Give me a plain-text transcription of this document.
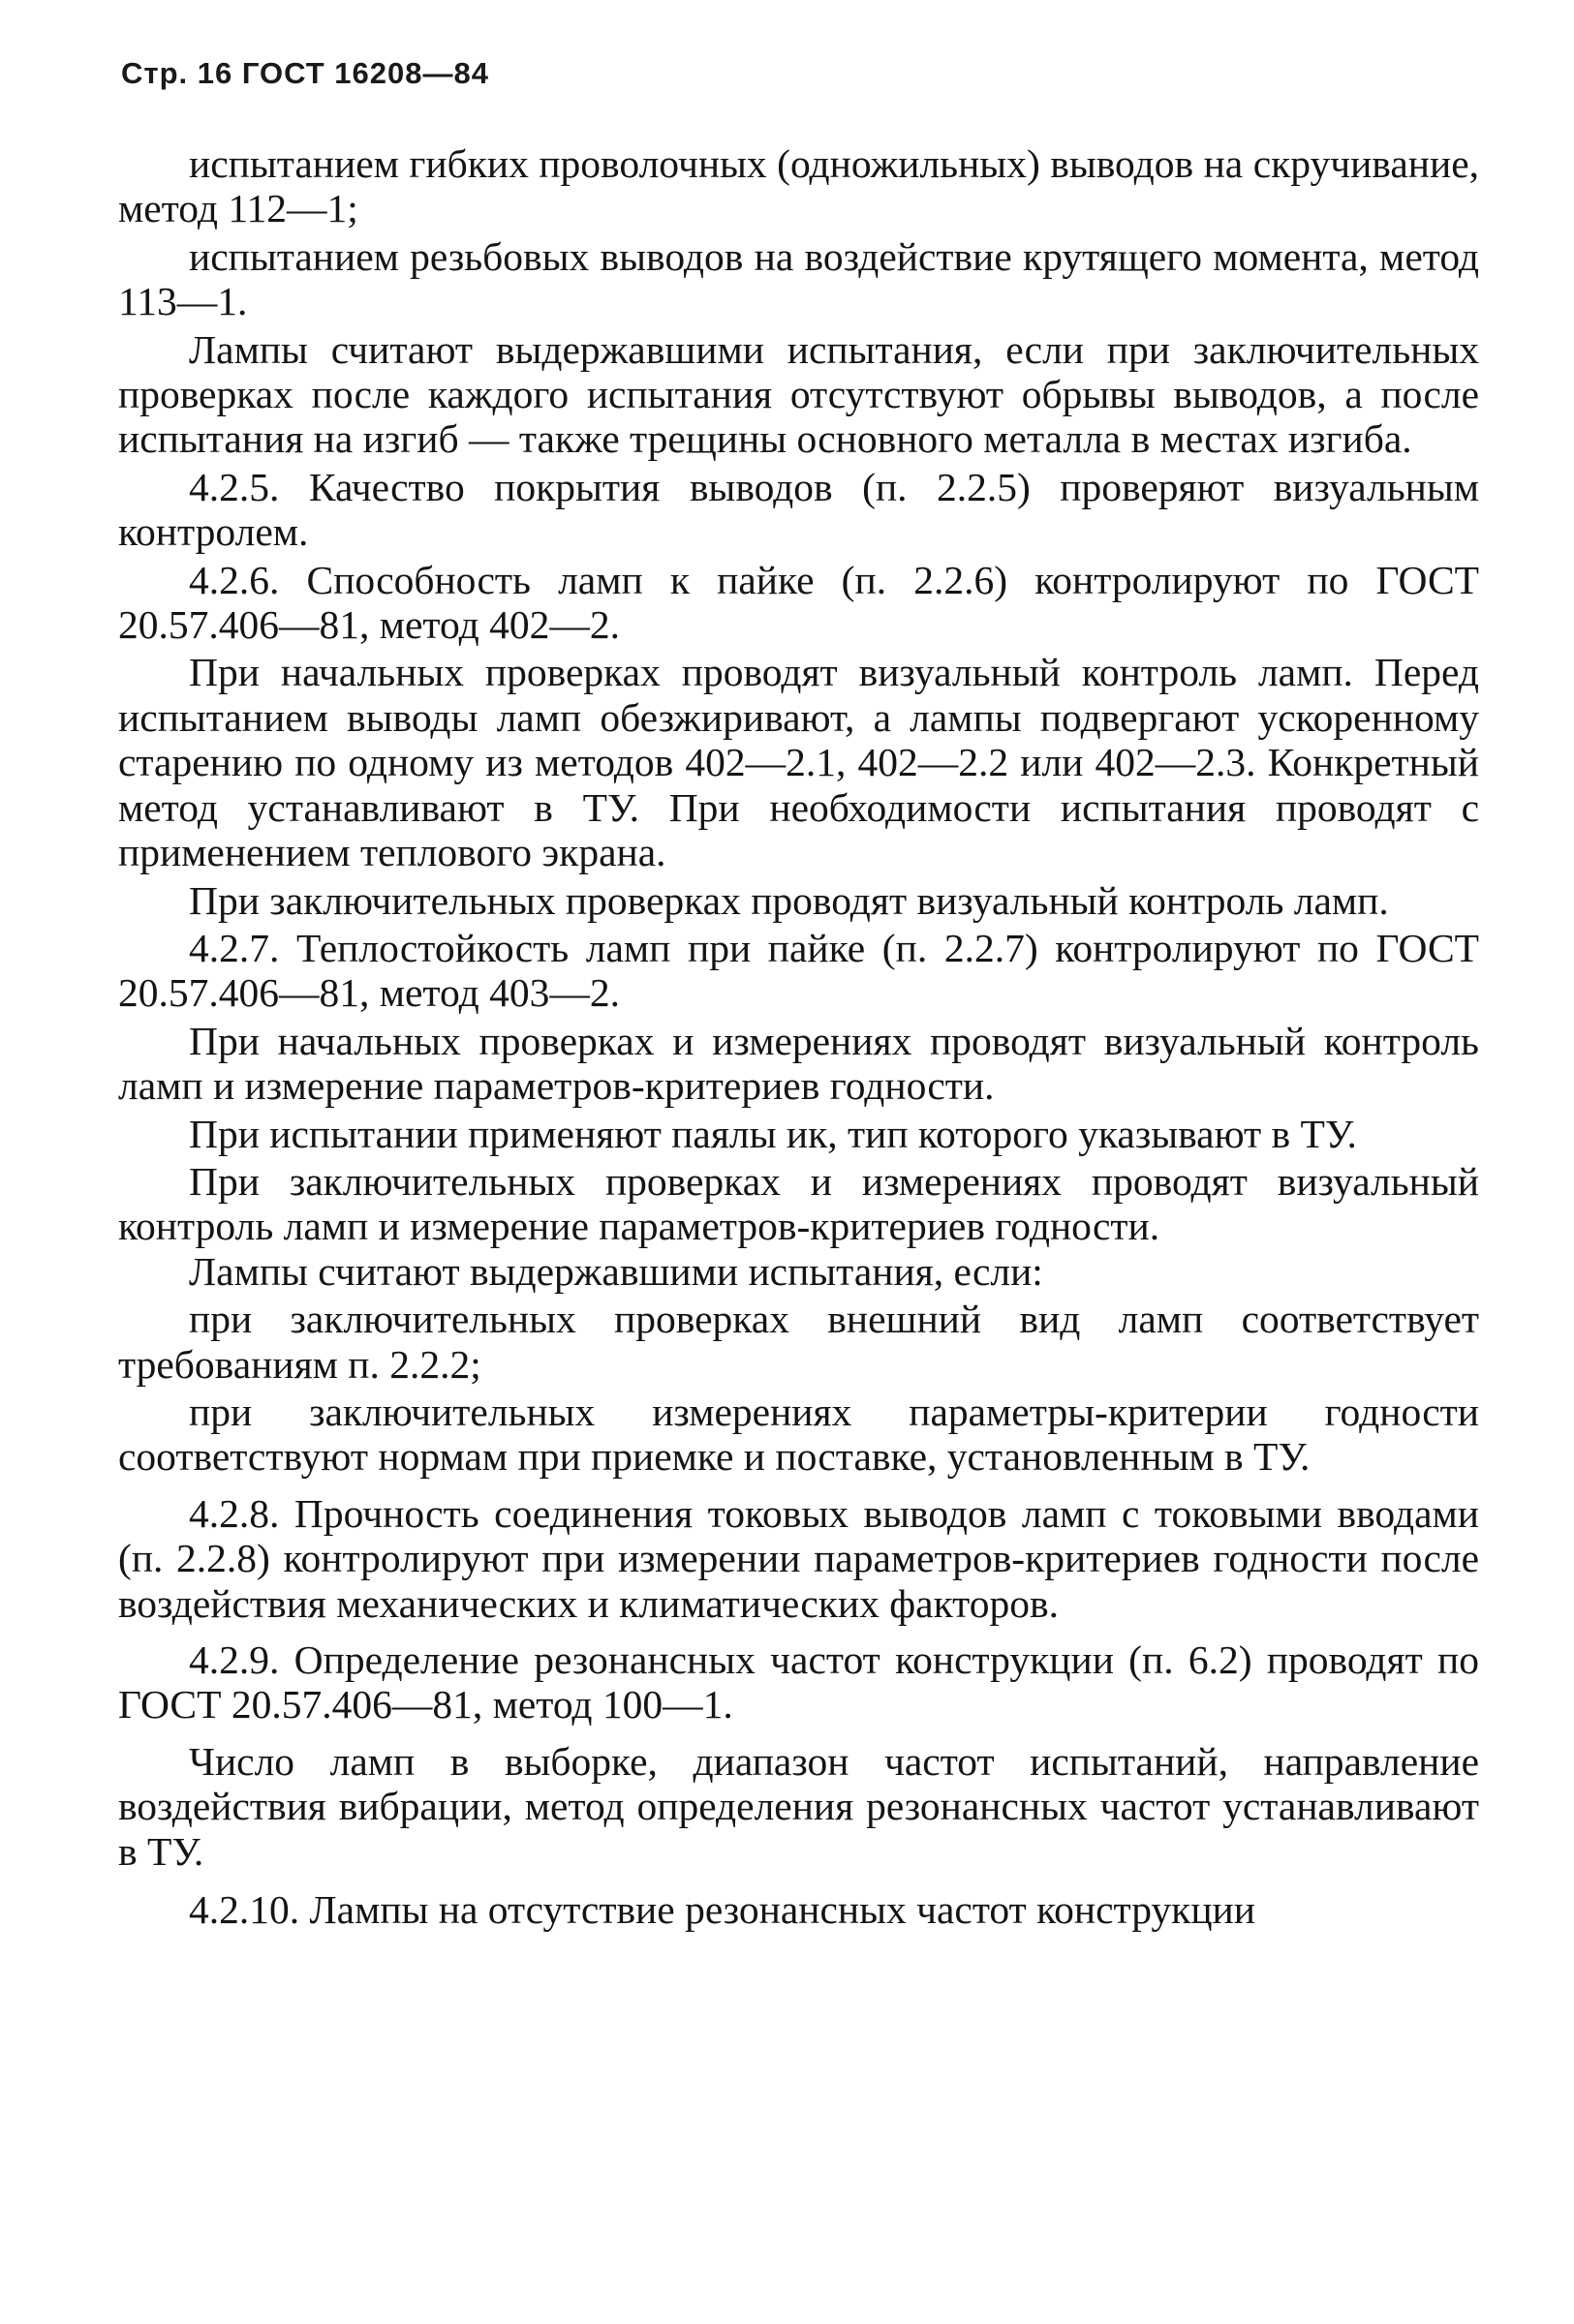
Стр. 16 ГОСТ 16208—84

испытанием гибких проволочных (одножильных) выводов на скручивание, метод 112—1;

испытанием резьбовых выводов на воздействие крутящего момента, метод 113—1.

Лампы считают выдержавшими испытания, если при заключительных проверках после каждого испытания отсутствуют обрывы выводов, а после испытания на изгиб — также трещины основного металла в местах изгиба.

4.2.5. Качество покрытия выводов (п. 2.2.5) проверяют визуальным контролем.

4.2.6. Способность ламп к пайке (п. 2.2.6) контролируют по ГОСТ 20.57.406—81, метод 402—2.

При начальных проверках проводят визуальный контроль ламп. Перед испытанием выводы ламп обезжиривают, а лампы подвергают ускоренному старению по одному из методов 402—2.1, 402—2.2 или 402—2.3. Конкретный метод устанавливают в ТУ. При необходимости испытания проводят с применением теплового экрана.

При заключительных проверках проводят визуальный контроль ламп.

4.2.7. Теплостойкость ламп при пайке (п. 2.2.7) контролируют по ГОСТ 20.57.406—81, метод 403—2.

При начальных проверках и измерениях проводят визуальный контроль ламп и измерение параметров-критериев годности.

При испытании применяют паялы ик, тип которого указывают в ТУ.

При заключительных проверках и измерениях проводят визуальный контроль ламп и измерение параметров-критериев годности.

Лампы считают выдержавшими испытания, если:

при заключительных проверках внешний вид ламп соответствует требованиям п. 2.2.2;

при заключительных измерениях параметры-критерии годности соответствуют нормам при приемке и поставке, установленным в ТУ.

4.2.8. Прочность соединения токовых выводов ламп с токовыми вводами (п. 2.2.8) контролируют при измерении параметров-критериев годности после воздействия механических и климатических факторов.

4.2.9. Определение резонансных частот конструкции (п. 6.2) проводят по ГОСТ 20.57.406—81, метод 100—1.

Число ламп в выборке, диапазон частот испытаний, направление воздействия вибрации, метод определения резонансных частот устанавливают в ТУ.

4.2.10. Лампы на отсутствие резонансных частот конструкции
